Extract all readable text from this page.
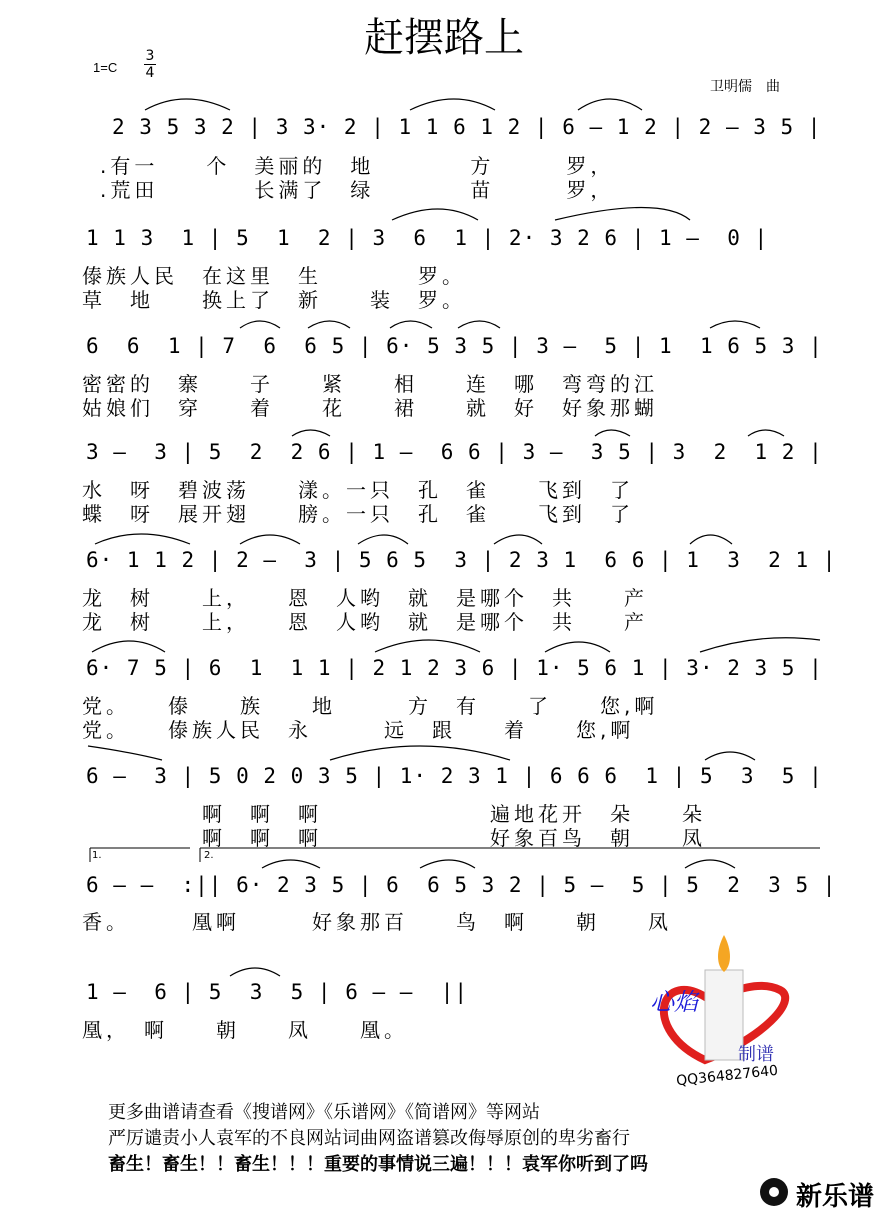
赶摆路上
1=C
3
4
卫明儒　曲
2 3 5 3 2 | 3 3· 2 | 1 1 6 1 2 | 6 – 1 2 | 2 – 3 5 |
.有一　　个　美丽的　地　　　　方　　　罗，
.荒田　　　　长满了　绿　　　　苗　　　罗，
1 1 3  1 | 5  1  2 | 3  6  1 | 2· 3 2 6 | 1 –  0 |
傣族人民　在这里　生　　　　罗。
草　地　　换上了　新　　装　罗。
6  6  1 | 7  6  6 5 | 6· 5 3 5 | 3 –  5 | 1  1 6 5 3 |
密密的　寨　　子　　紧　　相　　连　哪　弯弯的江
姑娘们　穿　　着　　花　　裙　　就　好　好象那蝴
3 –  3 | 5  2  2 6 | 1 –  6 6 | 3 –  3 5 | 3  2  1 2 |
水　呀　碧波荡　　漾。一只　孔　雀　　飞到　了
蝶　呀　展开翅　　膀。一只　孔　雀　　飞到　了
6· 1 1 2 | 2 –  3 | 5 6 5  3 | 2 3 1  6 6 | 1  3  2 1 |
龙　树　　上，　　恩　人哟　就　是哪个　共　　产
龙　树　　上，　　恩　人哟　就　是哪个　共　　产
6· 7 5 | 6  1  1 1 | 2 1 2 3 6 | 1· 5 6 1 | 3· 2 3 5 |
党。　　傣　　族　　地　　　方　有　　了　　您,啊
党。　　傣族人民　永　　　远　跟　　着　　您,啊
6 –  3 | 5 0 2 0 3 5 | 1· 2 3 1 | 6 6 6  1 | 5  3  5 |
　　　　　啊　啊　啊　　　　　　　遍地花开　朵　　朵
　　　　　啊　啊　啊　　　　　　　好象百鸟　朝　　凤
1.	2.
6 – –  :|| 6· 2 3 5 | 6  6 5 3 2 | 5 –  5 | 5  2  3 5 |
香。　　　凰啊　　　好象那百　　鸟　啊　　朝　　凤
1 –  6 | 5  3  5 | 6 – –  ||
凰，　啊　　朝　　凤　　凰。
心焰
制谱
QQ364827640
更多曲谱请查看《搜谱网》《乐谱网》《简谱网》等网站
严厉谴责小人袁军的不良网站词曲网盗谱篡改侮辱原创的卑劣畜行
畜生！畜生！！畜生！！！重要的事情说三遍！！！袁军你听到了吗
新乐谱
